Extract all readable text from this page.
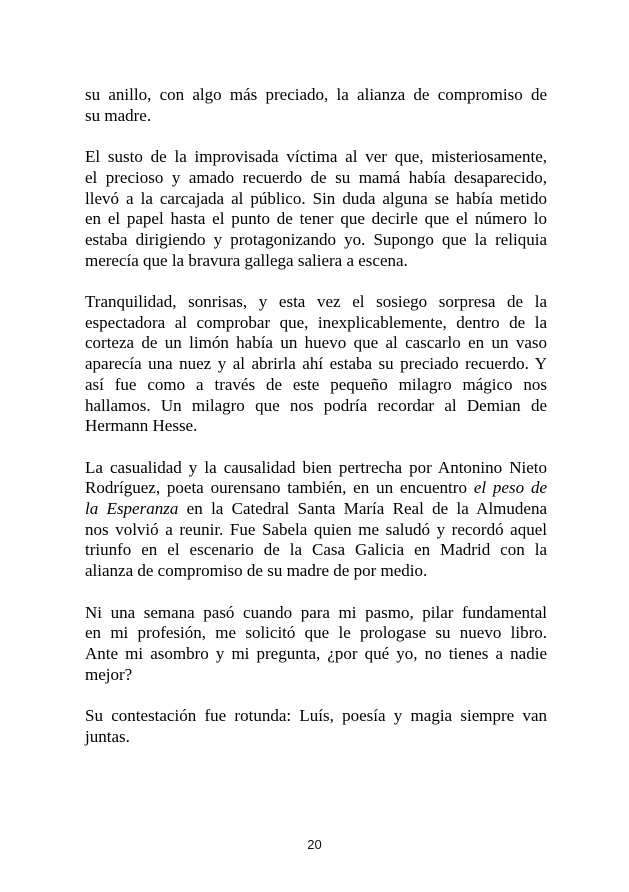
su anillo, con algo más preciado, la alianza de compromiso de
su madre.

El susto de la improvisada víctima al ver que, misteriosamente,
el precioso y amado recuerdo de su mamá había desaparecido,
llevó a la carcajada al público. Sin duda alguna se había metido
en el papel hasta el punto de tener que decirle que el número lo
estaba dirigiendo y protagonizando yo. Supongo que la reliquia
merecía que la bravura gallega saliera a escena.

Tranquilidad, sonrisas, y esta vez el sosiego sorpresa de la
espectadora al comprobar que, inexplicablemente, dentro de la
corteza de un limón había un huevo que al cascarlo en un vaso
aparecía una nuez y al abrirla ahí estaba su preciado recuerdo. Y
así fue como a través de este pequeño milagro mágico nos
hallamos. Un milagro que nos podría recordar al Demian de
Hermann Hesse.

La casualidad y la causalidad bien pertrecha por Antonino Nieto
Rodríguez, poeta ourensano también, en un encuentro el peso de
la Esperanza en la Catedral Santa María Real de la Almudena
nos volvió a reunir. Fue Sabela quien me saludó y recordó aquel
triunfo en el escenario de la Casa Galicia en Madrid con la
alianza de compromiso de su madre de por medio.

Ni una semana pasó cuando para mi pasmo, pilar fundamental
en mi profesión, me solicitó que le prologase su nuevo libro.
Ante mi asombro y mi pregunta, ¿por qué yo, no tienes a nadie
mejor?

Su contestación fue rotunda: Luís, poesía y magia siempre van
juntas.

20
